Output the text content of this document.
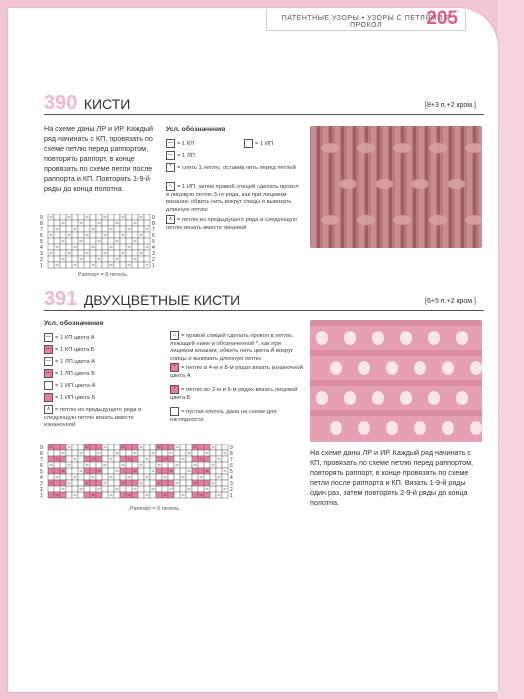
ПАТЕНТНЫЕ УЗОРЫ • УЗОРЫ С ПЕТЛЯМИ В ПРОКОЛ	205
390 КИСТИ	[8+3 п.+2 кром.]
На схеме даны ЛР и ИР. Каждый ряд начинать с КП, провязать по схеме петлю перед раппортом, повторять раппорт, в конце провязать по схеме петли после раппорта и КП. Повторять 1-9-й ряды до конца полотна.
Усл. обозначения
— = 1 КП	= 1 ИП
— = 1 ЛП
* = снять 1 петлю, оставив нить перед петлей
∩ = 1 ИП, затем правой спицей сделать прокол в лицевую петлю 3-го ряда, как при лицевом вязании, обвить нить вокруг спицы и вывязать длинную петлю
∧ = петлю из предыдущего ряда и следующую петлю вязать вместе лицевой
9	9
8	8
7	7
6	6
5	5
4	4
3	3
2	2
1	1
Раппорт = 8 петель
391 ДВУХЦВЕТНЫЕ КИСТИ	[6+5 п.+2 кром.]
Усл. обозначения
— = 1 КП цвета А
— = 1 КП цвета Б
— = 1 ЛП цвета А
— = 1 ЛП цвета Б
= 1 ИП цвета А
= 1 ИП цвета Б
∧ = петлю из предыдущего ряда и следующую петлю вязать вместе изнаночной
∩ = правой спицей сделать прокол в петлю, лежащей ниже и обозначенной *, как при лицевом вязании, обвить нить цвета А вокруг спицы и вывязать длинную петлю
* = петлю в 4-м и 8-м рядах вязать изнаночной цвета А
* = петлю во 2-м и 6-м рядах вязать лицевой цвета Б
= пустая клетка, дана на схеме для наглядности
9	9
8	8
7	7
6	6
5	5
4	4
3	3
2	2
1	1
Раппорт = 6 петель
На схеме даны ЛР и ИР. Каждый ряд начинать с КП, провязать по схеме петлю перед раппортом, повторять раппорт, в конце провязать по схеме петли после раппорта и КП. Вязать 1-9-й ряды один раз, затем повторять 2-9-й ряды до конца полотна.
